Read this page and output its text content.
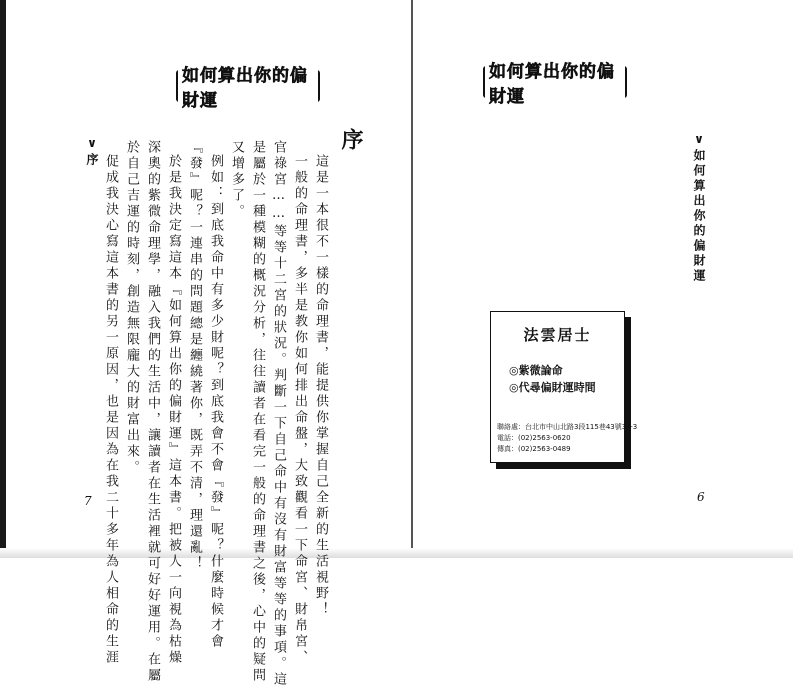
如何算出你的偏財運
序
這是一本很不一樣的命理書，能提供你掌握自己全新的生活視野！
一般的命理書，多半是教你如何排出命盤，大致觀看一下命宮、財帛宮、
官祿宮……等等十二宮的狀況。判斷一下自己命中有沒有財富等等的事項。這
是屬於一種模糊的概況分析，往往讀者在看完一般的命理書之後，心中的疑問
又增多了。
例如：到底我命中有多少財呢？到底我會不會『發』呢？什麼時候才會
『發』呢？一連串的問題總是纏繞著你，既弄不清，理還亂！
於是我決定寫這本『如何算出你的偏財運』這本書。把被人一向視為枯燥
深奧的紫微命理學，融入我們的生活中，讓讀者在生活裡就可好好運用。在屬
於自己吉運的時刻，創造無限龐大的財富出來。
促成我決心寫這本書的另一原因，也是因為在我二十多年為人相命的生涯
∨序
7
如何算出你的偏財運
∨如何算出你的偏財運
法雲居士
◎紫微論命
◎代尋偏財運時間
聯絡處：台北市中山北路3段115巷43號3F-3
電話：(02)2563-0620
傳真：(02)2563-0489
6
